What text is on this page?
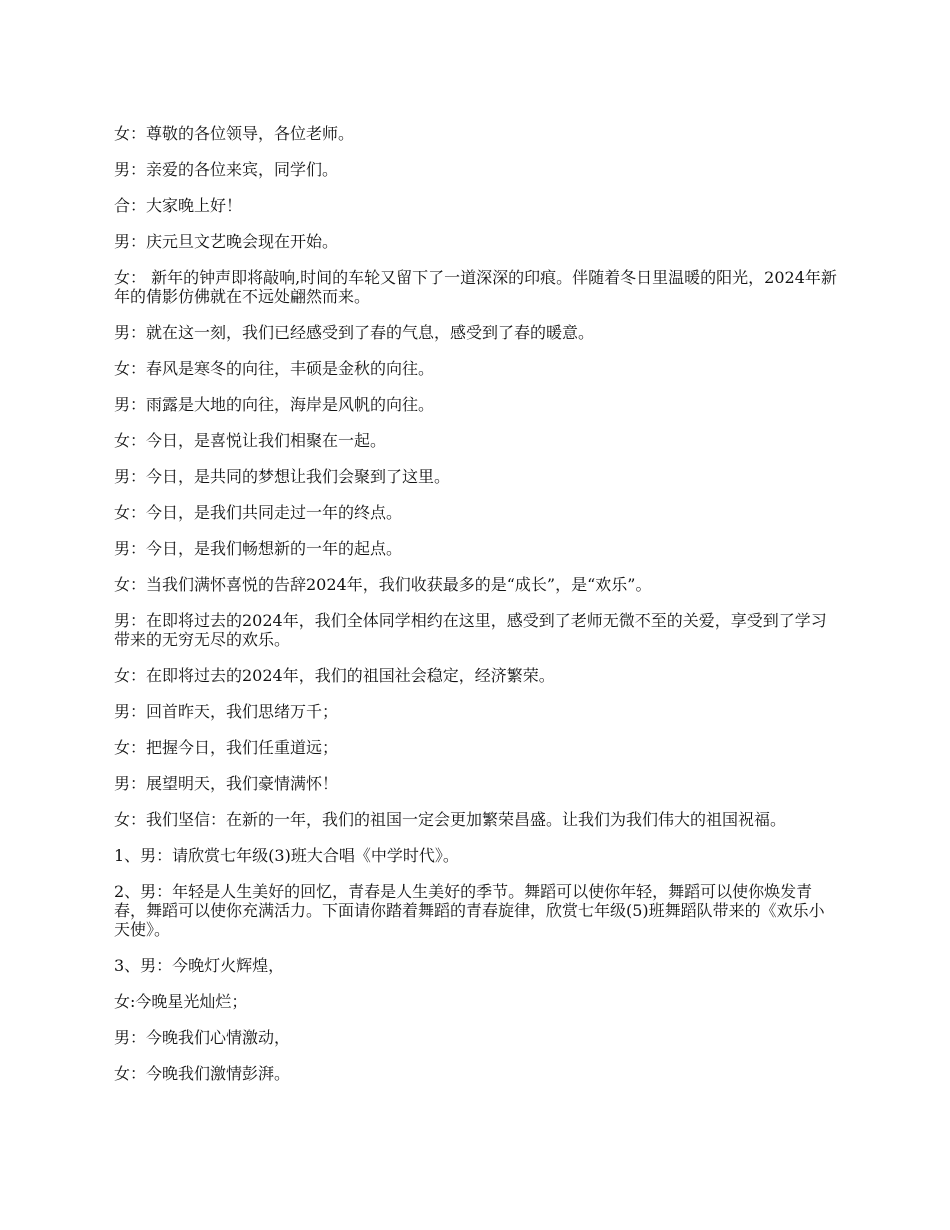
女：尊敬的各位领导，各位老师。

男：亲爱的各位来宾，同学们。

合：大家晚上好！

男：庆元旦文艺晚会现在开始。

女： 新年的钟声即将敲响,时间的车轮又留下了一道深深的印痕。伴随着冬日里温暖的阳光，2024年新年的倩影仿佛就在不远处翩然而来。

男：就在这一刻，我们已经感受到了春的气息，感受到了春的暖意。

女：春风是寒冬的向往，丰硕是金秋的向往。

男：雨露是大地的向往，海岸是风帆的向往。

女：今日，是喜悦让我们相聚在一起。

男：今日，是共同的梦想让我们会聚到了这里。

女：今日，是我们共同走过一年的终点。

男：今日，是我们畅想新的一年的起点。

女：当我们满怀喜悦的告辞2024年，我们收获最多的是“成长”，是“欢乐”。

男：在即将过去的2024年，我们全体同学相约在这里，感受到了老师无微不至的关爱，享受到了学习带来的无穷无尽的欢乐。

女：在即将过去的2024年，我们的祖国社会稳定，经济繁荣。

男：回首昨天，我们思绪万千；

女：把握今日，我们任重道远；

男：展望明天，我们豪情满怀！

女：我们坚信：在新的一年，我们的祖国一定会更加繁荣昌盛。让我们为我们伟大的祖国祝福。

1、男：请欣赏七年级(3)班大合唱《中学时代》。

2、男：年轻是人生美好的回忆，青春是人生美好的季节。舞蹈可以使你年轻，舞蹈可以使你焕发青春，舞蹈可以使你充满活力。下面请你踏着舞蹈的青春旋律，欣赏七年级(5)班舞蹈队带来的《欢乐小天使》。

3、男：今晚灯火辉煌，

女:今晚星光灿烂；

男：今晚我们心情激动，

女：今晚我们激情彭湃。
